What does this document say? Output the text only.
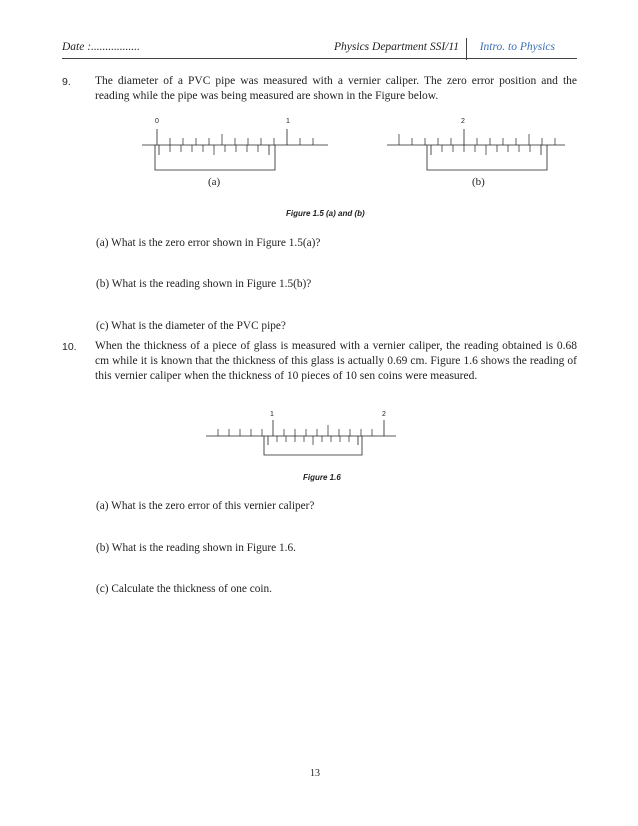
Date :.................	Physics Department SSI/11 Intro. to Physics
9. The diameter of a PVC pipe was measured with a vernier caliper. The zero error position and the reading while the pipe was being measured are shown in the Figure below.
0	1
(a)
2
(b)
Figure 1.5 (a) and (b)
(a) What is the zero error shown in Figure 1.5(a)?
(b) What is the reading shown in Figure 1.5(b)?
(c) What is the diameter of the PVC pipe?
10. When the thickness of a piece of glass is measured with a vernier caliper, the reading obtained is 0.68 cm while it is known that the thickness of this glass is actually 0.69 cm. Figure 1.6 shows the reading of this vernier caliper when the thickness of 10 pieces of 10 sen coins were measured.
1	2
Figure 1.6
(a) What is the zero error of this vernier caliper?
(b) What is the reading shown in Figure 1.6.
(c) Calculate the thickness of one coin.
13
